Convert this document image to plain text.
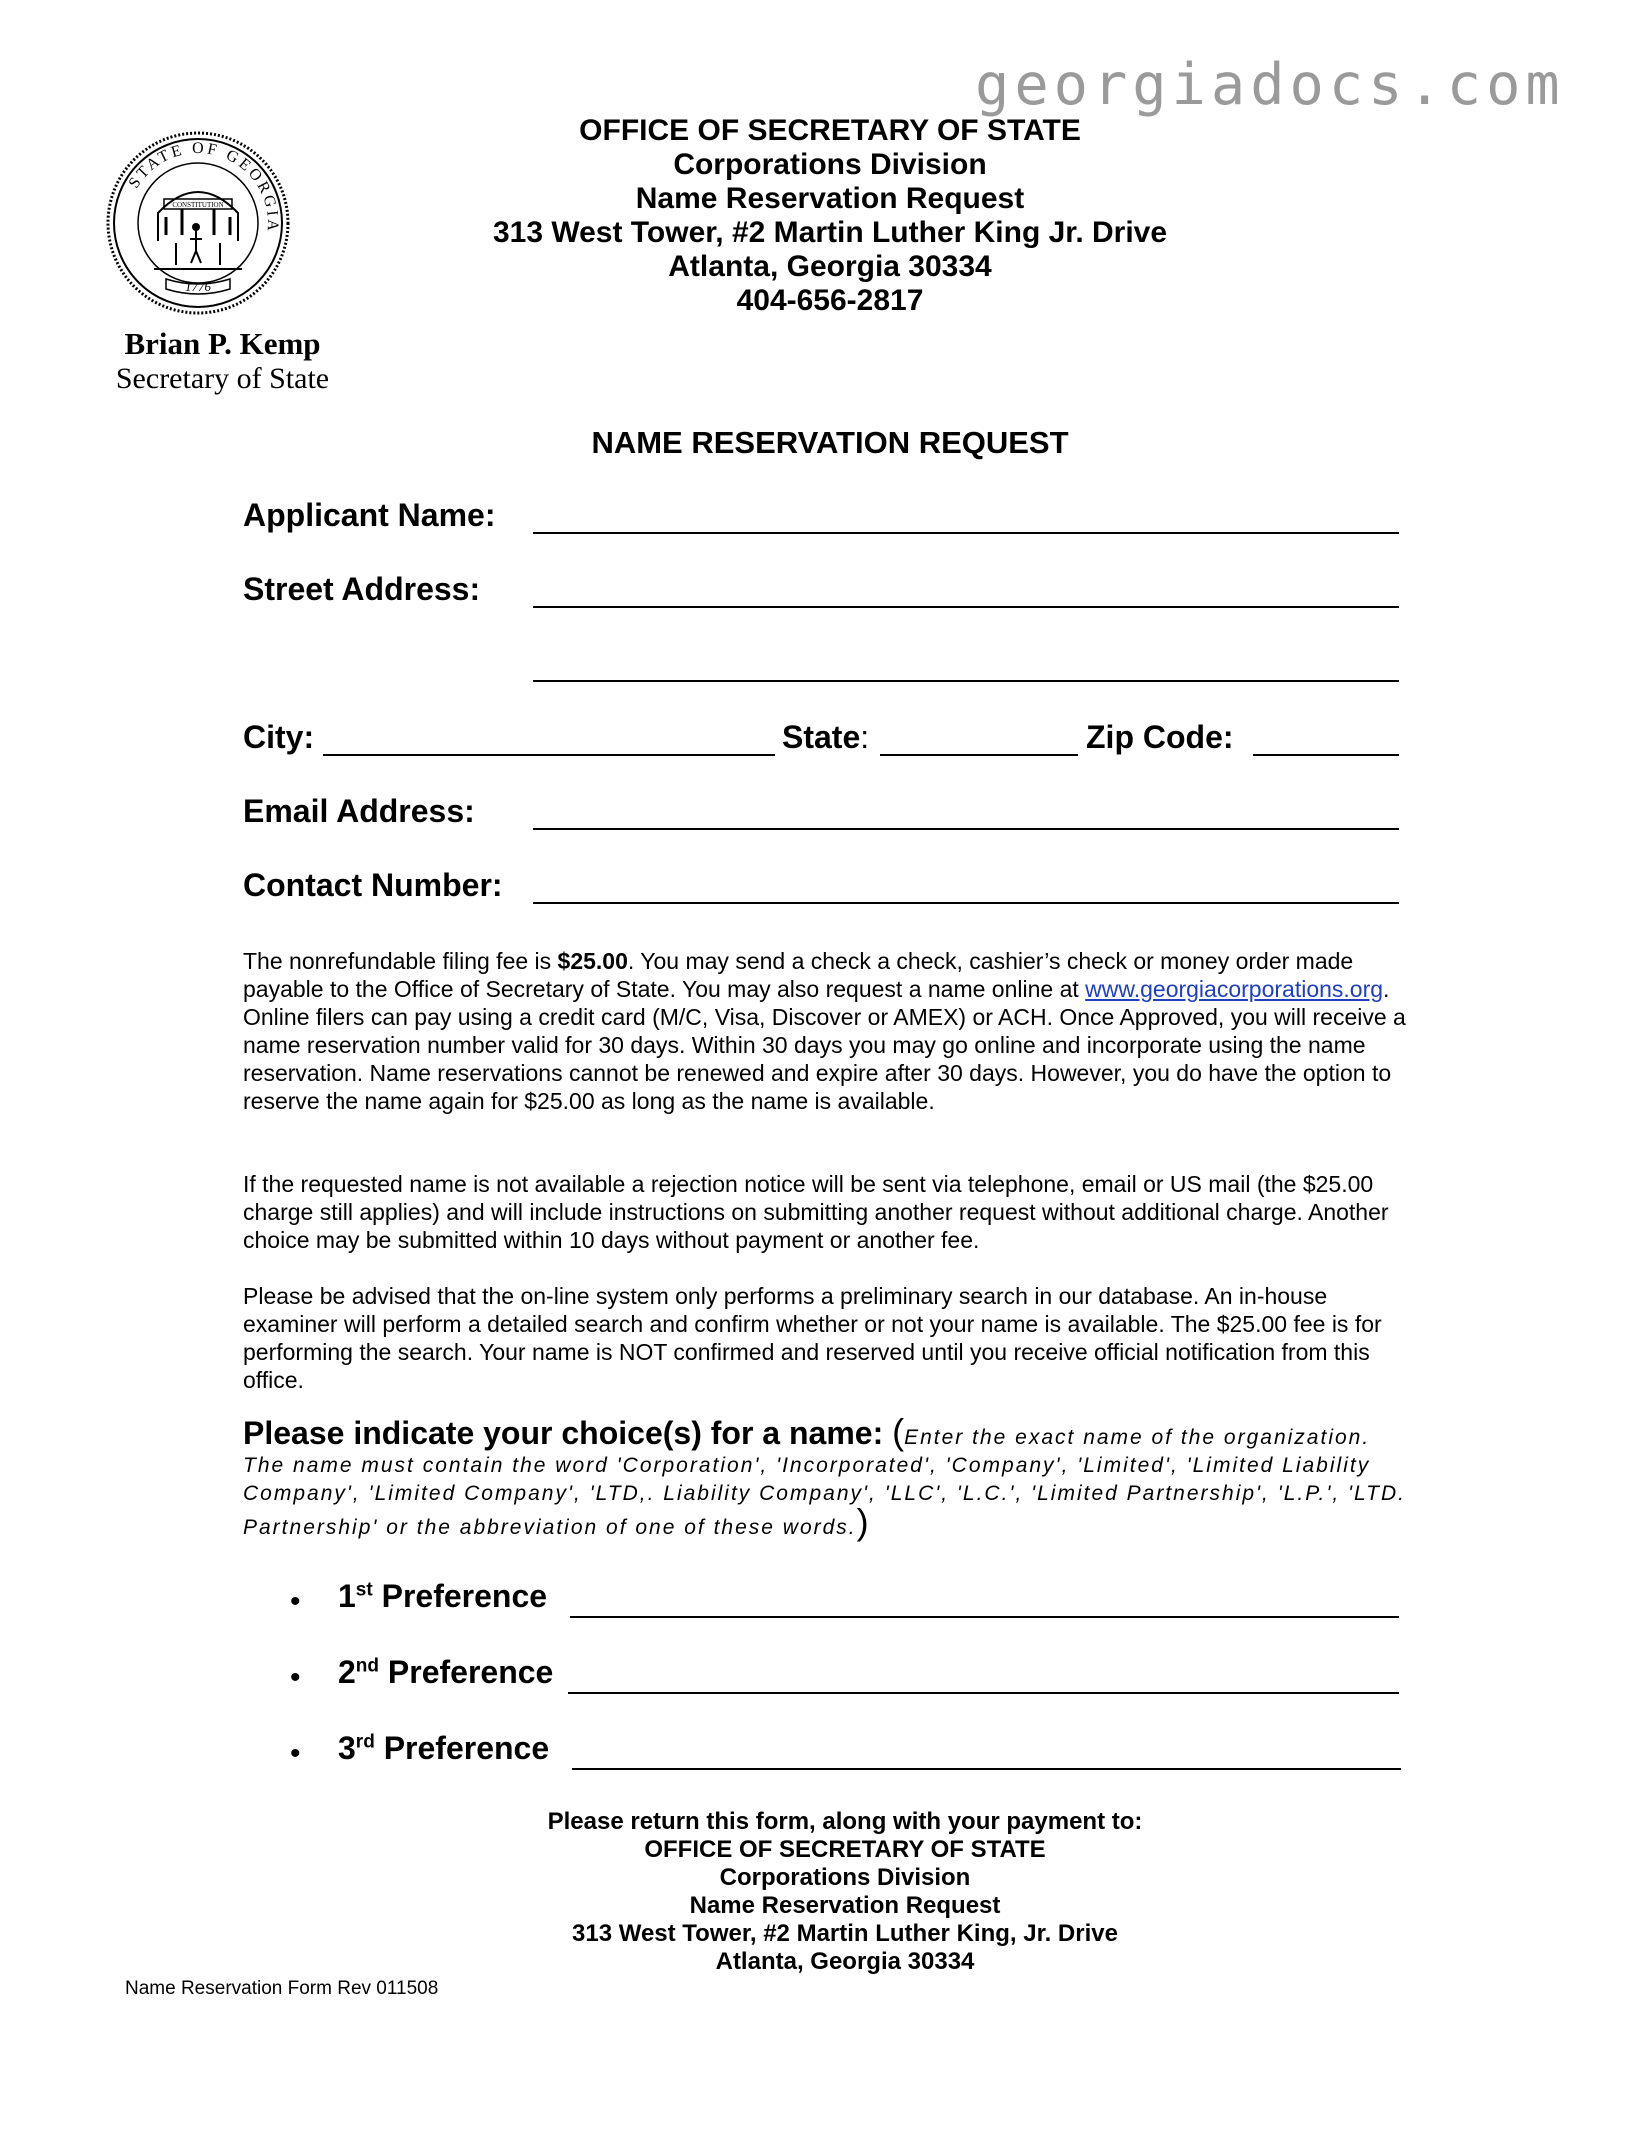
georgiadocs.com
STATE OF GEORGIA
CONSTITUTION
1776
Brian P. Kemp
Secretary of State
OFFICE OF SECRETARY OF STATE
Corporations Division
Name Reservation Request
313 West Tower, #2 Martin Luther King Jr. Drive
Atlanta, Georgia 30334
404-656-2817
NAME RESERVATION REQUEST
Applicant Name:
Street Address:
City:	State:	Zip Code:
Email Address:
Contact Number:
The nonrefundable filing fee is $25.00. You may send a check a check, cashier’s check or money order made payable to the Office of Secretary of State. You may also request a name online at www.georgiacorporations.org. Online filers can pay using a credit card (M/C, Visa, Discover or AMEX) or ACH. Once Approved, you will receive a name reservation number valid for 30 days. Within 30 days you may go online and incorporate using the name reservation. Name reservations cannot be renewed and expire after 30 days. However, you do have the option to reserve the name again for $25.00 as long as the name is available.
If the requested name is not available a rejection notice will be sent via telephone, email or US mail (the $25.00 charge still applies) and will include instructions on submitting another request without additional charge. Another choice may be submitted within 10 days without payment or another fee.
Please be advised that the on-line system only performs a preliminary search in our database. An in-house examiner will perform a detailed search and confirm whether or not your name is available. The $25.00 fee is for performing the search. Your name is NOT confirmed and reserved until you receive official notification from this office.
Please indicate your choice(s) for a name: (Enter the exact name of the organization. The name must contain the word 'Corporation', 'Incorporated', 'Company', 'Limited', 'Limited Liability Company', 'Limited Company', 'LTD,. Liability Company', 'LLC', 'L.C.', 'Limited Partnership', 'L.P.', 'LTD. Partnership' or the abbreviation of one of these words.)
• 1st Preference
• 2nd Preference
• 3rd Preference
Please return this form, along with your payment to:
OFFICE OF SECRETARY OF STATE
Corporations Division
Name Reservation Request
313 West Tower, #2 Martin Luther King, Jr. Drive
Atlanta, Georgia 30334
Name Reservation Form Rev 011508
